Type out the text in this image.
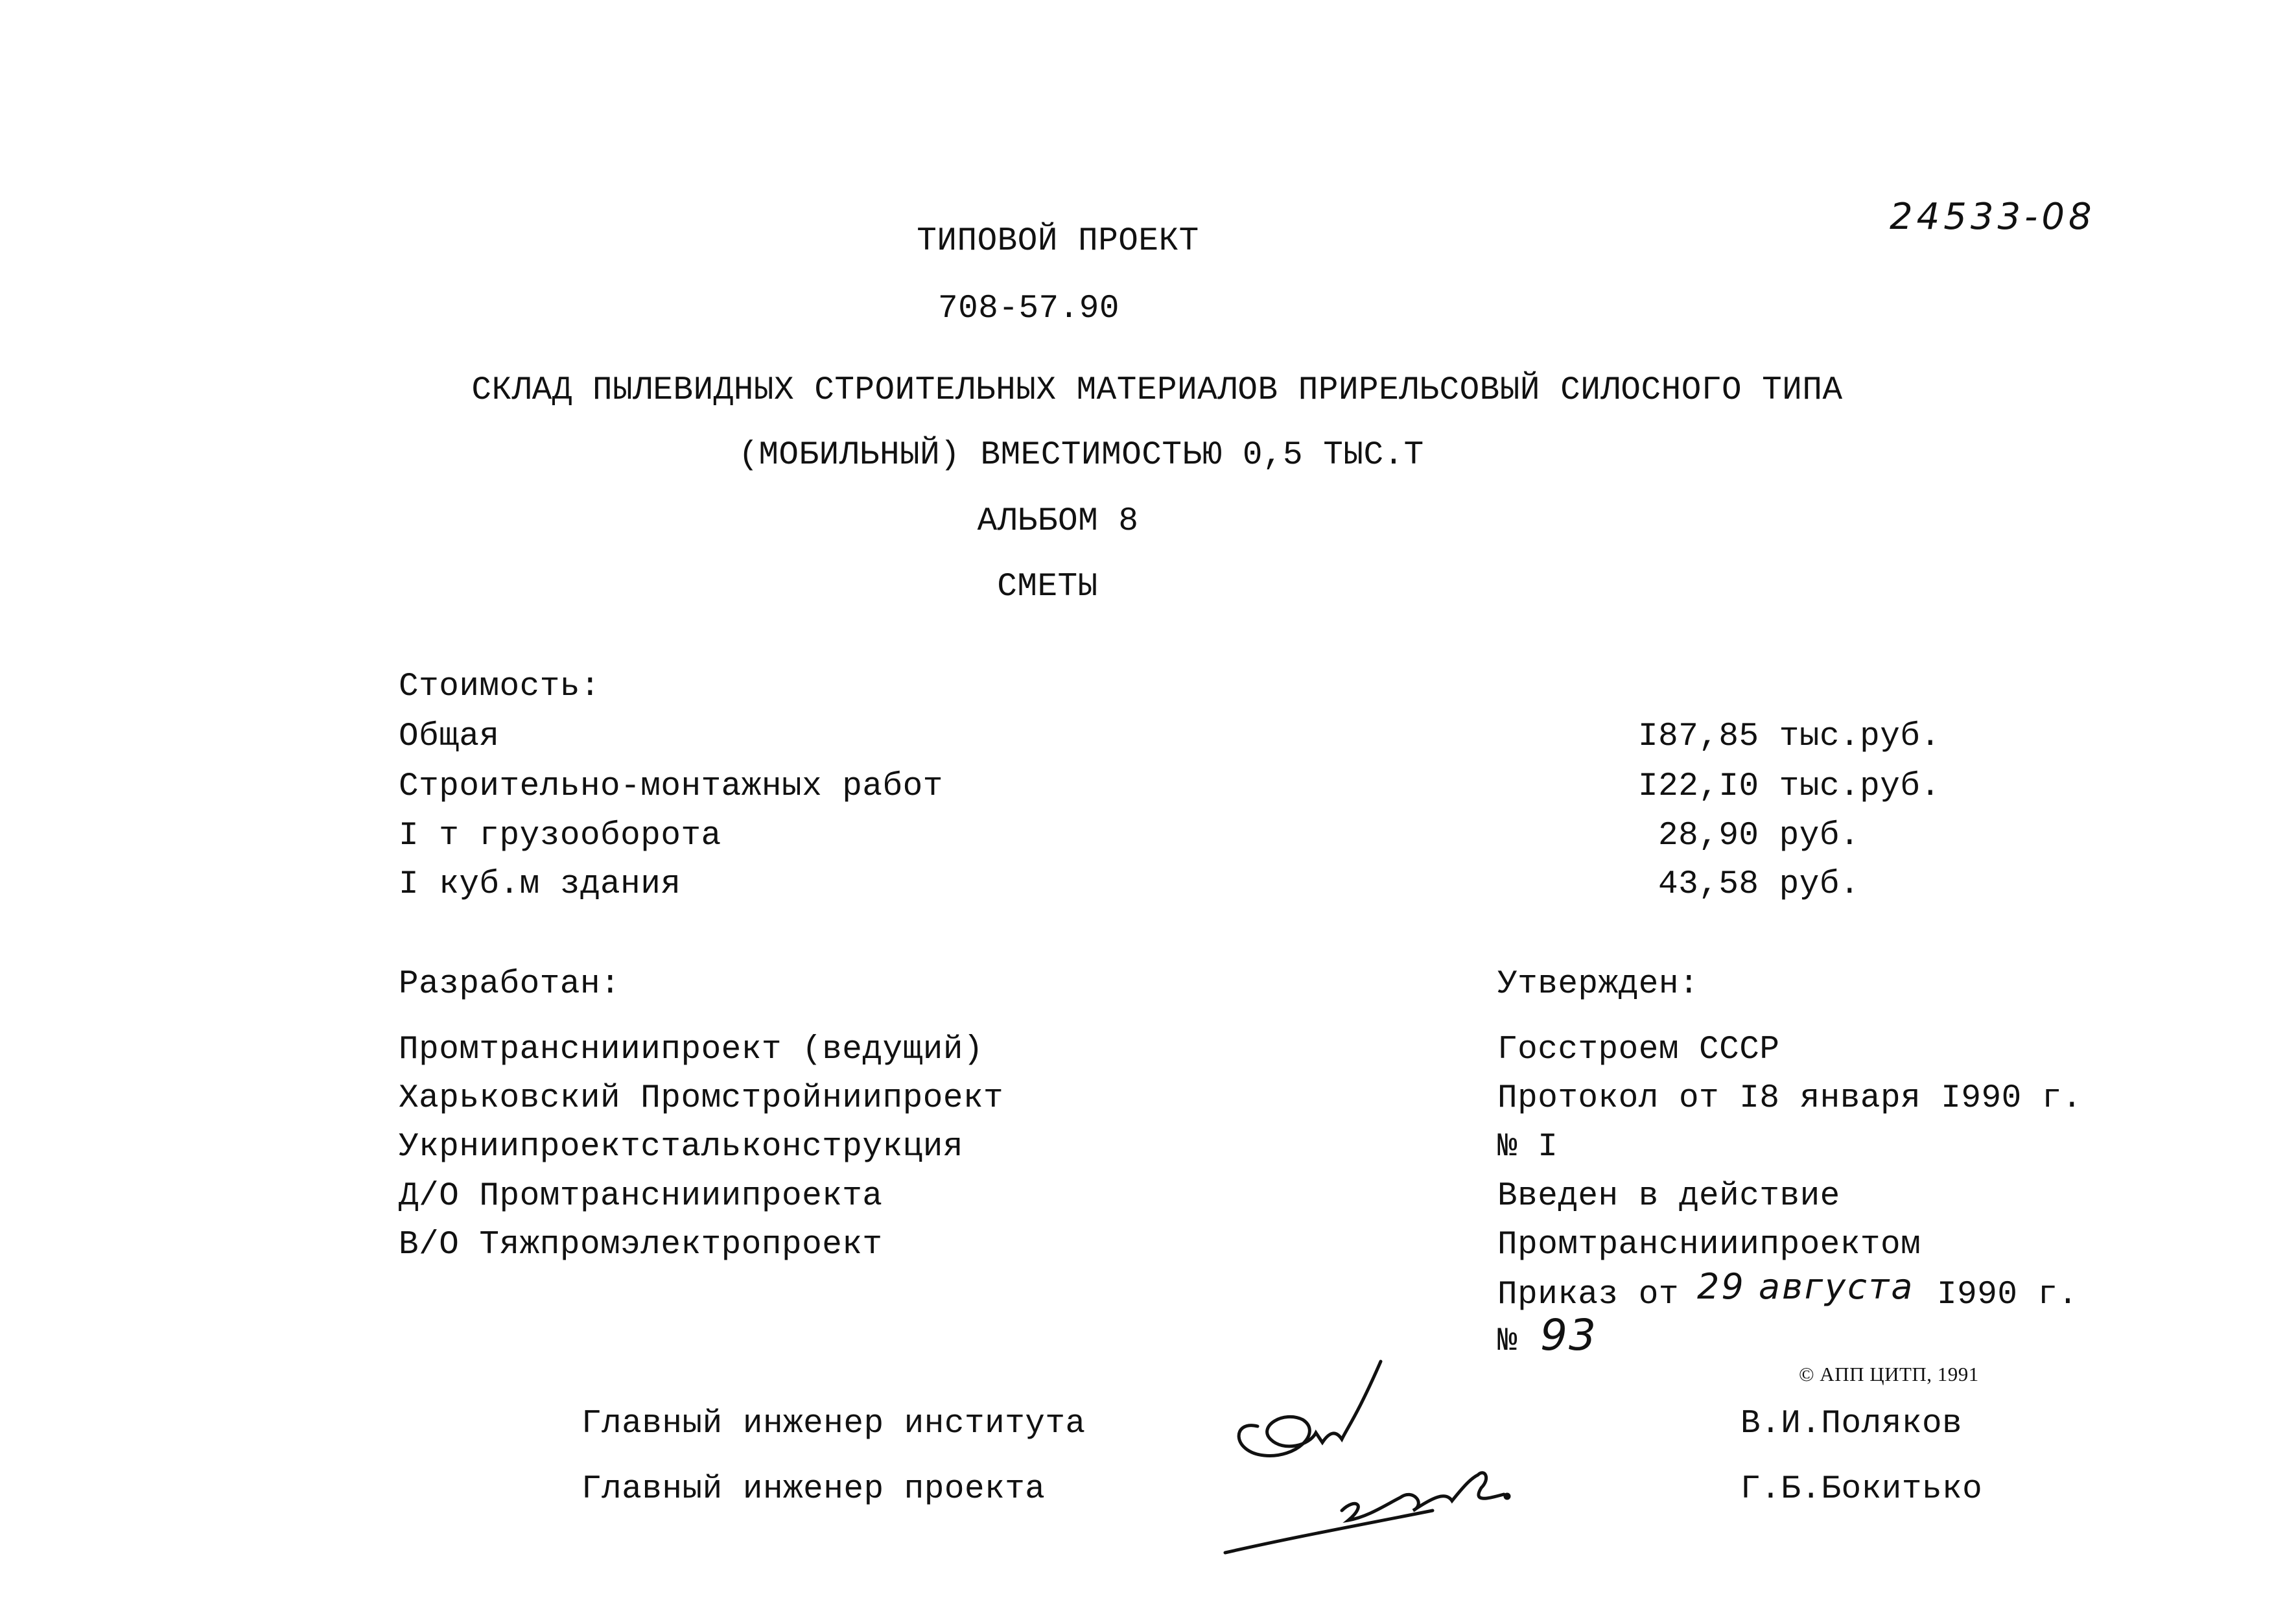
24533-08
ТИПОВОЙ ПРОЕКТ
708-57.90
СКЛАД ПЫЛЕВИДНЫХ СТРОИТЕЛЬНЫХ МАТЕРИАЛОВ ПРИРЕЛЬСОВЫЙ СИЛОСНОГО ТИПА
(МОБИЛЬНЫЙ) ВМЕСТИМОСТЬЮ 0,5 ТЫС.Т
АЛЬБОМ 8
СМЕТЫ
Стоимость:
Общая
Строительно-монтажных работ
I т грузооборота
I куб.м здания
I87,85 тыс.руб.
I22,I0 тыс.руб.
28,90 руб.
43,58 руб.
Разработан:
Промтранснииипроект (ведущий)
Харьковский Промстройниипроект
Укрниипроектстальконструкция
Д/О Промтранснииипроекта
В/О Тяжпромэлектропроект
Утвержден:
Госстроем СССР
Протокол от I8 января I990 г.
№ I
Введен в действие
Промтранснииипроектом
Приказ от 29 августа I990 г.
№ 93
© АПП ЦИТП, 1991
Главный инженер института
Главный инженер проекта
В.И.Поляков
Г.Б.Бокитько
